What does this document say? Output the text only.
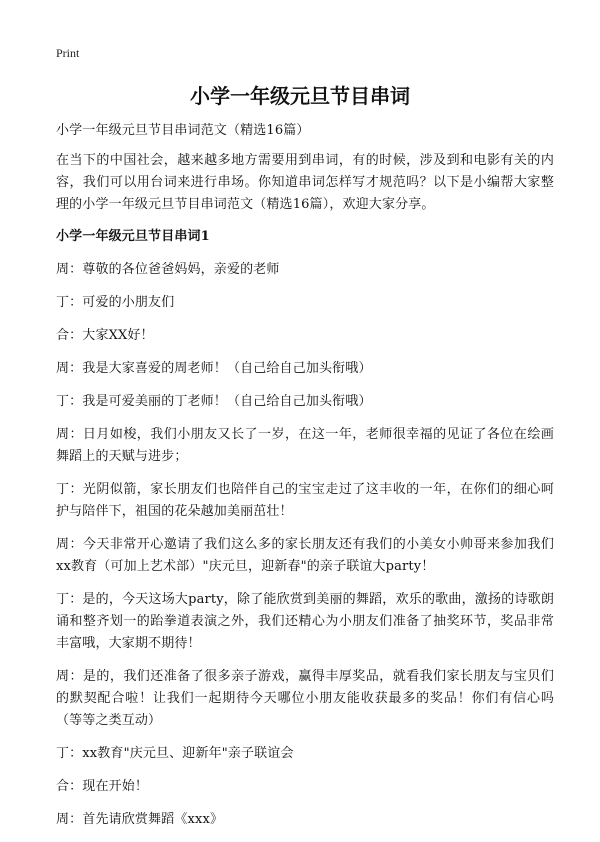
Print
小学一年级元旦节目串词

小学一年级元旦节目串词范文（精选16篇）

在当下的中国社会，越来越多地方需要用到串词，有的时候，涉及到和电影有关的内容，我们可以用台词来进行串场。你知道串词怎样写才规范吗？以下是小编帮大家整理的小学一年级元旦节目串词范文（精选16篇），欢迎大家分享。

小学一年级元旦节目串词1

周：尊敬的各位爸爸妈妈，亲爱的老师

丁：可爱的小朋友们

合：大家XX好！

周：我是大家喜爱的周老师！（自己给自己加头衔哦）

丁：我是可爱美丽的丁老师！（自己给自己加头衔哦）

周：日月如梭，我们小朋友又长了一岁，在这一年，老师很幸福的见证了各位在绘画舞蹈上的天赋与进步；

丁：光阴似箭，家长朋友们也陪伴自己的宝宝走过了这丰收的一年，在你们的细心呵护与陪伴下，祖国的花朵越加美丽茁壮！

周：今天非常开心邀请了我们这么多的家长朋友还有我们的小美女小帅哥来参加我们xx教育（可加上艺术部）"庆元旦，迎新春"的亲子联谊大party！

丁：是的，今天这场大party，除了能欣赏到美丽的舞蹈，欢乐的歌曲，激扬的诗歌朗诵和整齐划一的跆拳道表演之外，我们还精心为小朋友们准备了抽奖环节，奖品非常丰富哦，大家期不期待！

周：是的，我们还准备了很多亲子游戏，赢得丰厚奖品，就看我们家长朋友与宝贝们的默契配合啦！让我们一起期待今天哪位小朋友能收获最多的奖品！你们有信心吗（等等之类互动）

丁：xx教育"庆元旦、迎新年"亲子联谊会

合：现在开始！

周：首先请欣赏舞蹈《xxx》
